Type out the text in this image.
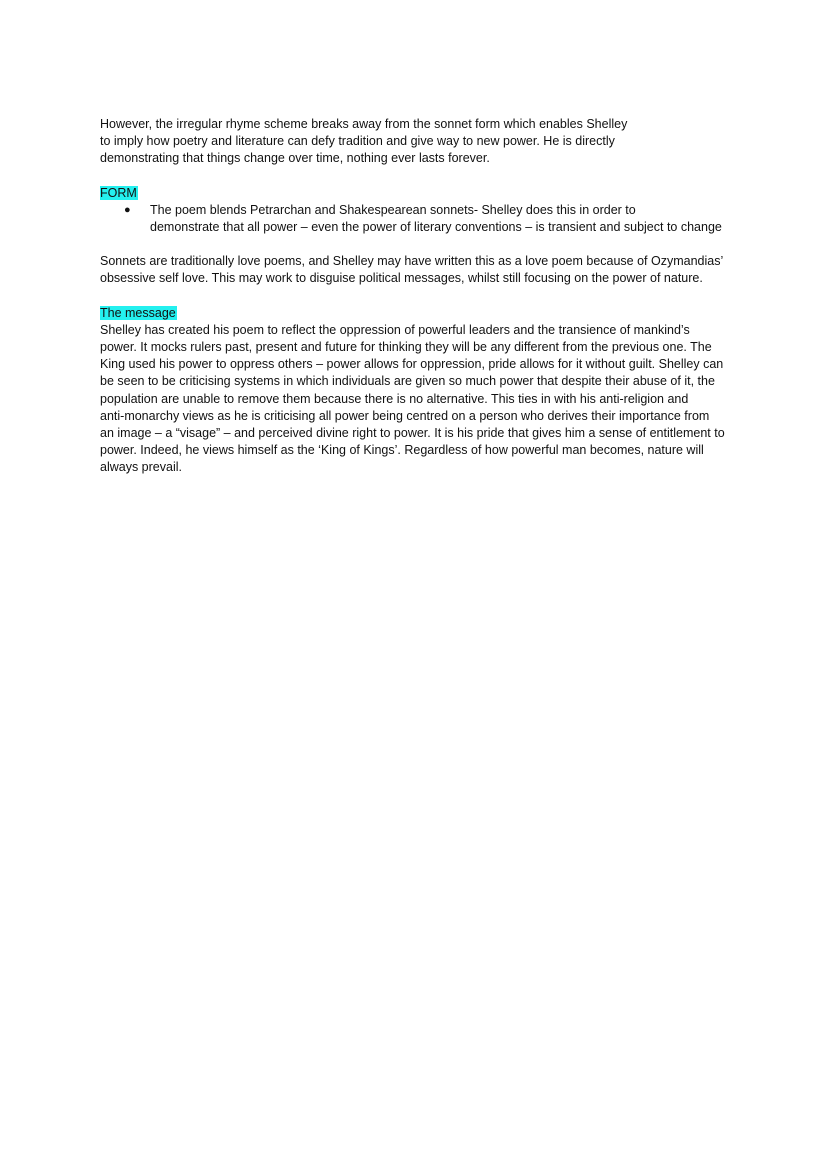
However, the irregular rhyme scheme breaks away from the sonnet form which enables Shelley
to imply how poetry and literature can defy tradition and give way to new power. He is directly
demonstrating that things change over time, nothing ever lasts forever.

FORM

● The poem blends Petrarchan and Shakespearean sonnets- Shelley does this in order to
demonstrate that all power – even the power of literary conventions – is transient and subject to change

Sonnets are traditionally love poems, and Shelley may have written this as a love poem because of Ozymandias’
obsessive self love. This may work to disguise political messages, whilst still focusing on the power of nature.

The message

Shelley has created his poem to reflect the oppression of powerful leaders and the transience of mankind’s
power. It mocks rulers past, present and future for thinking they will be any different from the previous one. The
King used his power to oppress others – power allows for oppression, pride allows for it without guilt. Shelley can
be seen to be criticising systems in which individuals are given so much power that despite their abuse of it, the
population are unable to remove them because there is no alternative. This ties in with his anti-religion and
anti-monarchy views as he is criticising all power being centred on a person who derives their importance from
an image – a “visage” – and perceived divine right to power. It is his pride that gives him a sense of entitlement to
power. Indeed, he views himself as the ‘King of Kings’. Regardless of how powerful man becomes, nature will
always prevail.
